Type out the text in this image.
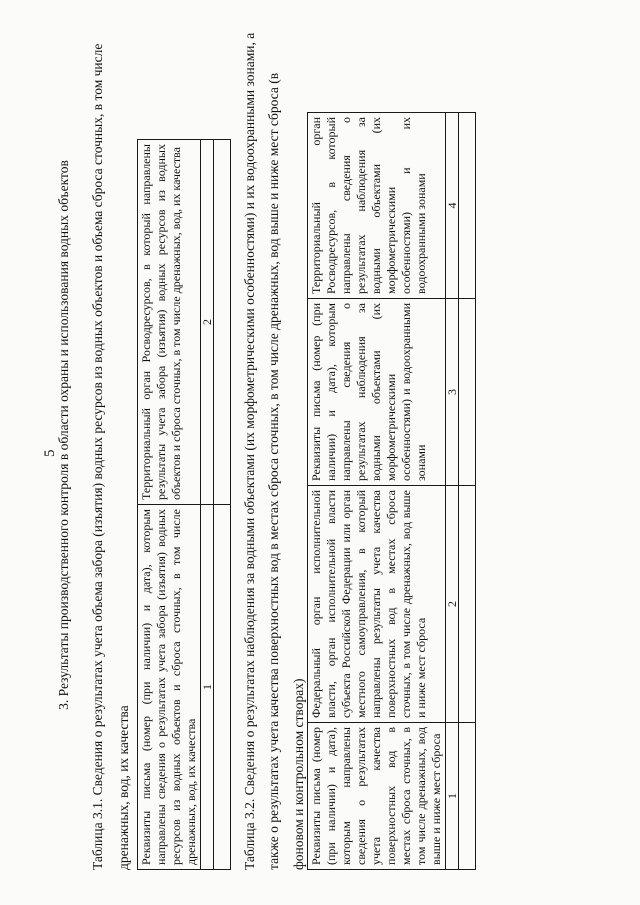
5
3. Результаты производственного контроля в области охраны и использования водных объектов Таблица 3.1. Сведения о результатах учета объема забора (изъятия) водных ресурсов из водных объектов и объема сброса сточных, в том числе дренажных, вод, их качества Реквизиты письма (номер (при наличии) и дата), которым направлены сведения о результатах учета забора (изъятия) водных ресурсов из водных объектов и сброса сточных, в том числе дренажных, вод, их качества	Территориальный орган Росводресурсов, в который направлены результаты учета забора (изъятия) водных ресурсов из водных объектов и сброса сточных, в том числе дренажных, вод, их качества
1	2
	Таблица 3.2. Сведения о результатах наблюдения за водными объектами (их морфометрическими особенностями) и их водоохранными зонами, а также о результатах учета качества поверхностных вод в местах сброса сточных, в том числе дренажных, вод выше и ниже мест сброса (в фоновом и контрольном створах) Реквизиты письма (номер (при наличии) и дата), которым направлены сведения о результатах учета качества поверхностных вод в местах сброса сточных, в том числе дренажных, вод выше и ниже мест сброса	Федеральный орган исполнительной власти, орган исполнительной власти субъекта Российской Федерации или орган местного самоуправления, в который направлены результаты учета качества поверхностных вод в местах сброса сточных, в том числе дренажных, вод выше и ниже мест сброса	Реквизиты письма (номер (при наличии) и дата), которым направлены сведения о результатах наблюдения за водными объектами (их морфометрическими особенностями) и водоохранными зонами	Территориальный орган Росводресурсов, в который направлены сведения о результатах наблюдения за водными объектами (их морфометрическими особенностями) и их водоохранными зонами
1	2	3	4
